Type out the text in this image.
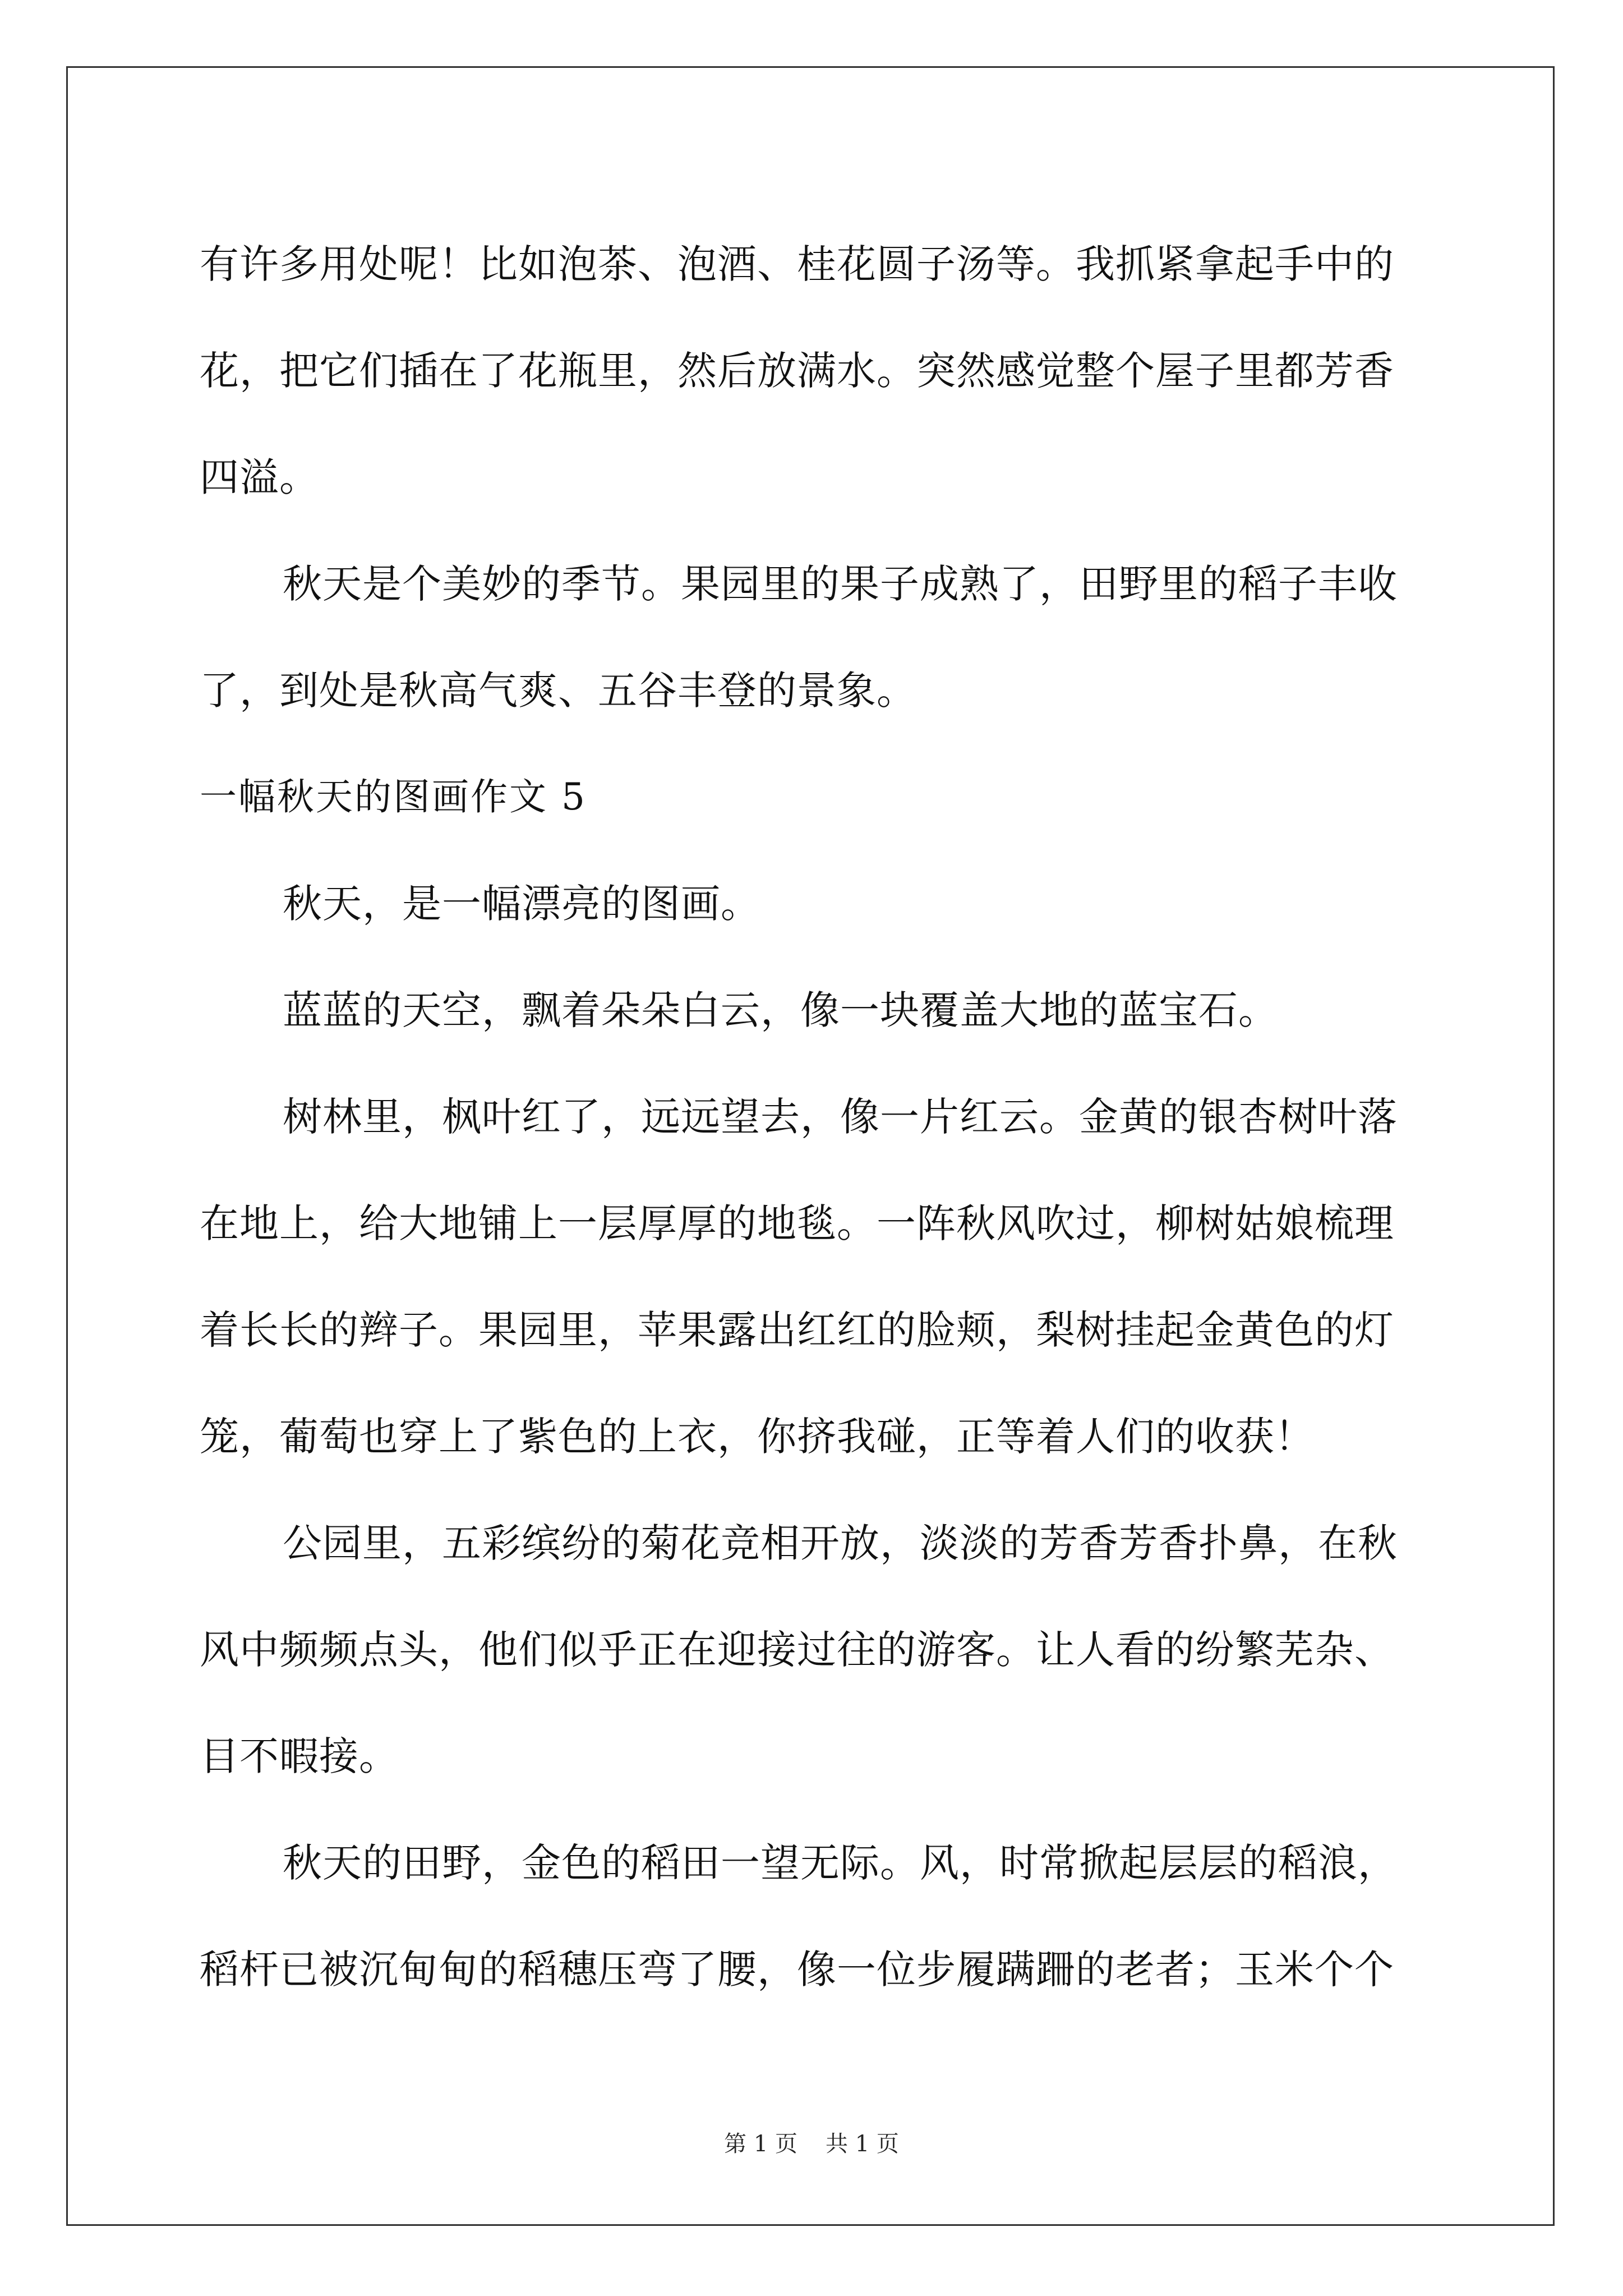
有许多用处呢！比如泡茶、泡酒、桂花圆子汤等。我抓紧拿起手中的
花，把它们插在了花瓶里，然后放满水。突然感觉整个屋子里都芳香
四溢。
秋天是个美妙的季节。果园里的果子成熟了，田野里的稻子丰收
了，到处是秋高气爽、五谷丰登的景象。
一幅秋天的图画作文 5
秋天，是一幅漂亮的图画。
蓝蓝的天空，飘着朵朵白云，像一块覆盖大地的蓝宝石。
树林里，枫叶红了，远远望去，像一片红云。金黄的银杏树叶落
在地上，给大地铺上一层厚厚的地毯。一阵秋风吹过，柳树姑娘梳理
着长长的辫子。果园里，苹果露出红红的脸颊，梨树挂起金黄色的灯
笼，葡萄也穿上了紫色的上衣，你挤我碰，正等着人们的收获！
公园里，五彩缤纷的菊花竞相开放，淡淡的芳香芳香扑鼻，在秋
风中频频点头，他们似乎正在迎接过往的游客。让人看的纷繁芜杂、
目不暇接。
秋天的田野，金色的稻田一望无际。风，时常掀起层层的稻浪，
稻杆已被沉甸甸的稻穗压弯了腰，像一位步履蹒跚的老者；玉米个个
第 1 页 共 1 页
